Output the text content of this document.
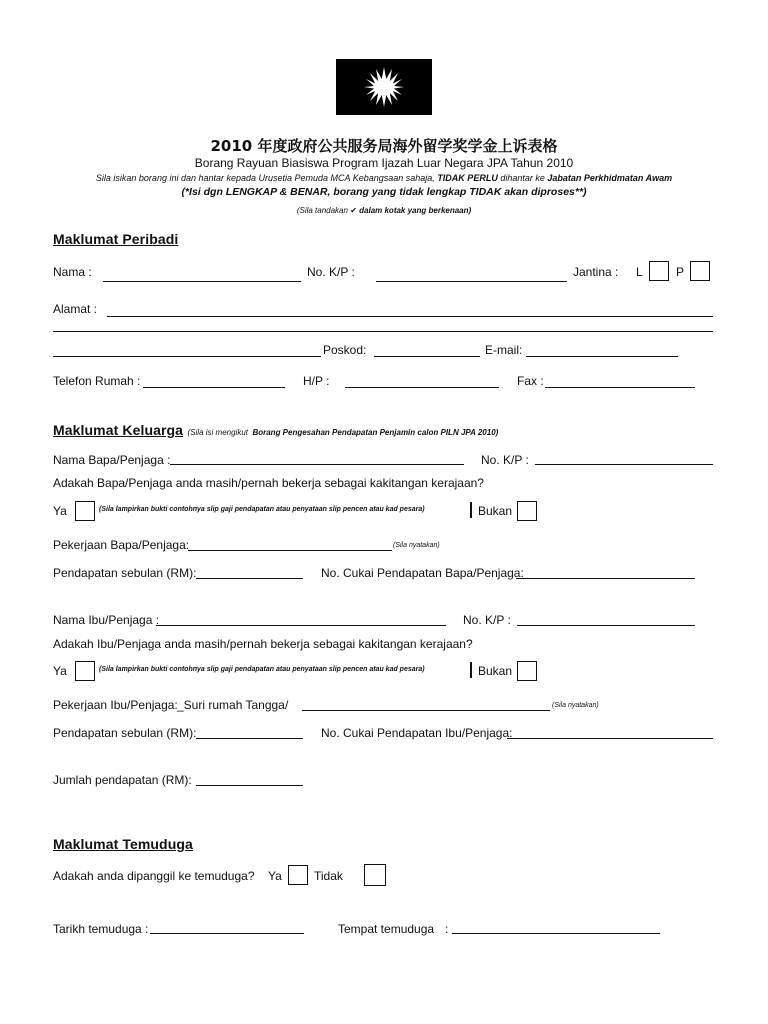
2010 年度政府公共服务局海外留学奖学金上诉表格
Borang Rayuan Biasiswa Program Ijazah Luar Negara JPA Tahun 2010
Sila isikan borang ini dan hantar kepada Urusetia Pemuda MCA Kebangsaan sahaja, TIDAK PERLU dihantar ke Jabatan Perkhidmatan Awam
(*Isi dgn LENGKAP & BENAR, borang yang tidak lengkap TIDAK akan diproses**)
(Sila tandakan ✔ dalam kotak yang berkenaan)
Maklumat Peribadi
Nama :	No. K/P :	Jantina : L	P
Alamat :
Poskod:	E-mail:
Telefon Rumah :	H/P :	Fax :
Maklumat Keluarga (Sila isi mengikut Borang Pengesahan Pendapatan Penjamin calon PILN JPA 2010)
Nama Bapa/Penjaga :	No. K/P :
Adakah Bapa/Penjaga anda masih/pernah bekerja sebagai kakitangan kerajaan?
Ya	(Sila lampirkan bukti contohnya slip gaji pendapatan atau penyataan slip pencen atau kad pesara)	Bukan
Pekerjaan Bapa/Penjaga:	(Sila nyatakan)
Pendapatan sebulan (RM):	No. Cukai Pendapatan Bapa/Penjaga:
Nama Ibu/Penjaga :	No. K/P :
Adakah Ibu/Penjaga anda masih/pernah bekerja sebagai kakitangan kerajaan?
Ya	(Sila lampirkan bukti contohnya slip gaji pendapatan atau penyataan slip pencen atau kad pesara)	Bukan
Pekerjaan Ibu/Penjaga: _Suri rumah Tangga /	(Sila nyatakan)
Pendapatan sebulan (RM):	No. Cukai Pendapatan Ibu/Penjaga:
Jumlah pendapatan (RM):
Maklumat Temuduga
Adakah anda dipanggil ke temuduga? Ya	Tidak
Tarikh temuduga :	Tempat temuduga :
